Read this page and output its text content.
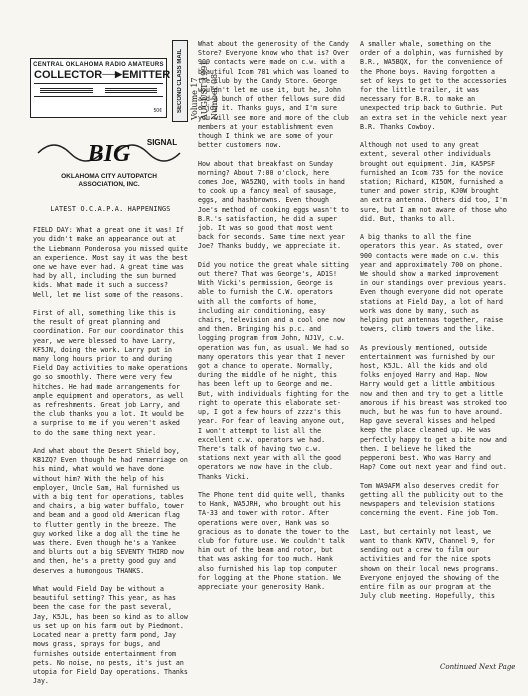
CENTRAL OKLAHOMA RADIO AMATEURS
COLLECTOR ──▶ EMITTER
50¢	SECOND CLASS MAIL Volume 17 AUGUST 1991 Number 08
BIG SIGNAL
OKLAHOMA CITY AUTOPATCH
ASSOCIATION, INC.
LATEST O.C.A.P.A. HAPPENINGS

FIELD DAY: What a great one it was! If you didn't make an appearance out at the Liebmann Ponderosa you missed quite an experience. Most say it was the best one we have ever had. A great time was had by all, including the sun burned kids. What made it such a success? Well, let me list some of the reasons.

First of all, something like this is the result of great planning and coordination. For our coordinator this year, we were blessed to have Larry, KF5JN, doing the work. Larry put in many long hours prior to and during Field Day activities to make operations go so smoothly. There were very few hitches. He had made arrangements for ample equipment and operators, as well as refreshments. Great job Larry, and the club thanks you a lot. It would be a surprise to me if you weren't asked to do the same thing next year.

And what about the Desert Shield boy, KB1ZQ? Even though he had remarriage on his mind, what would we have done without him? With the help of his employer, Uncle Sam, Hal furnished us with a big tent for operations, tables and chairs, a big water buffalo, tower and beam and a good old American flag to flutter gently in the breeze. The guy worked like a dog all the time he was there. Even though he's a Yankee and blurts out a big SEVENTY THIRD now and then, he's a pretty good guy and deserves a humongous THANKS.

What would Field Day be without a beautiful setting? This year, as has been the case for the past several, Jay, K5JL, has been so kind as to allow us set up on his farm out by Piedmont. Located near a pretty farm pond, Jay mows grass, sprays for bugs, and furnishes outside entertainment from pets. No noise, no pests, it's just an utopia for Field Day operations. Thanks Jay.

What about the generosity of the Candy Store? Everyone know who that is? Over 900 contacts were made on c.w. with a beautiful Icom 781 which was loaned to the club by the Candy Store. George wouldn't let me use it, but he, John and a bunch of other fellows sure did enjoy it. Thanks guys, and I'm sure you will see more and more of the club members at your establishment even though I think we are some of your better customers now.

How about that breakfast on Sunday morning? About 7:00 o'clock, here comes Joe, WA5ZNQ, with tools in hand to cook up a fancy meal of sausage, eggs, and hashbrowns. Even though Joe's method of cooking eggs wasn't to B.R.'s satisfaction, he did a super job. It was so good that most went back for seconds. Same time next year Joe? Thanks buddy, we appreciate it.

Did you notice the great whale sitting out there? That was George's, AD1S! With Vicki's permission, George is able to furnish the C.W. operators with all the comforts of home, including air conditioning, easy chairs, television and a cool one now and then. Bringing his p.c. and logging program from John, NJ1V, c.w. operation was fun, as usual. We had so many operators this year that I never got a chance to operate. Normally, during the middle of he night, this has been left up to George and me. But, with individuals fighting for the right to operate this elaborate set-up, I got a few hours of zzzz's this year. For fear of leaving anyone out, I won't attempt to list all the excellent c.w. operators we had. There's talk of having two c.w. stations next year with all the good operators we now have in the club. Thanks Vicki.

The Phone tent did quite well, thanks to Hank, WA5JRH, who brought out his TA-33 and tower with rotor. After operations were over, Hank was so gracious as to donate the tower to the club for future use. We couldn't talk him out of the beam and rotor, but that was asking for too much. Hank also furnished his lap top computer for logging at the Phone station. We appreciate your generosity Hank.

A smaller whale, something on the order of a dolphin, was furnished by B.R., WA5BQX, for the convenience of the Phone boys. Having forgotten a set of keys to get to the accessories for the little trailer, it was necessary for B.R. to make an unexpected trip back to Guthrie. Put an extra set in the vehicle next year B.R. Thanks Cowboy.

Although not used to any great extent, several other individuals brought out equipment. Jim, KA5PSF furnished an Icom 735 for the novice station; Richard, KI5OM, furnished a tuner and power strip, KJ0W brought an extra antenna. Others did too, I'm sure, but I am not aware of those who did. But, thanks to all.

A big thanks to all the fine operators this year. As stated, over 900 contacts were made on c.w. this year and approximately 700 on phone. We should show a marked improvement in our standings over previous years. Even though everyone did not operate stations at Field Day, a lot of hard work was done by many, such as helping put antennas together, raise towers, climb towers and the like.

As previously mentioned, outside entertainment was furnished by our host, K5JL. All the kids and old folks enjoyed Harry and Hap. Now Harry would get a little ambitious now and then and try to get a little amorous if his breast was stroked too much, but he was fun to have around. Hap gave several kisses and helped keep the place cleaned up. He was perfectly happy to get a bite now and then. I believe he liked the pepperoni best. Who was Harry and Hap? Come out next year and find out.

Tom WA9AFM also deserves credit for getting all the publicity out to the newspapers and television stations concerning the event. Fine job Tom.

Last, but certainly not least, we want to thank KWTV, Channel 9, for sending out a crew to film our activities and for the nice spots shown on their local news programs. Everyone enjoyed the showing of the entire film as our program at the July club meeting. Hopefully, this

Continued Next Page
